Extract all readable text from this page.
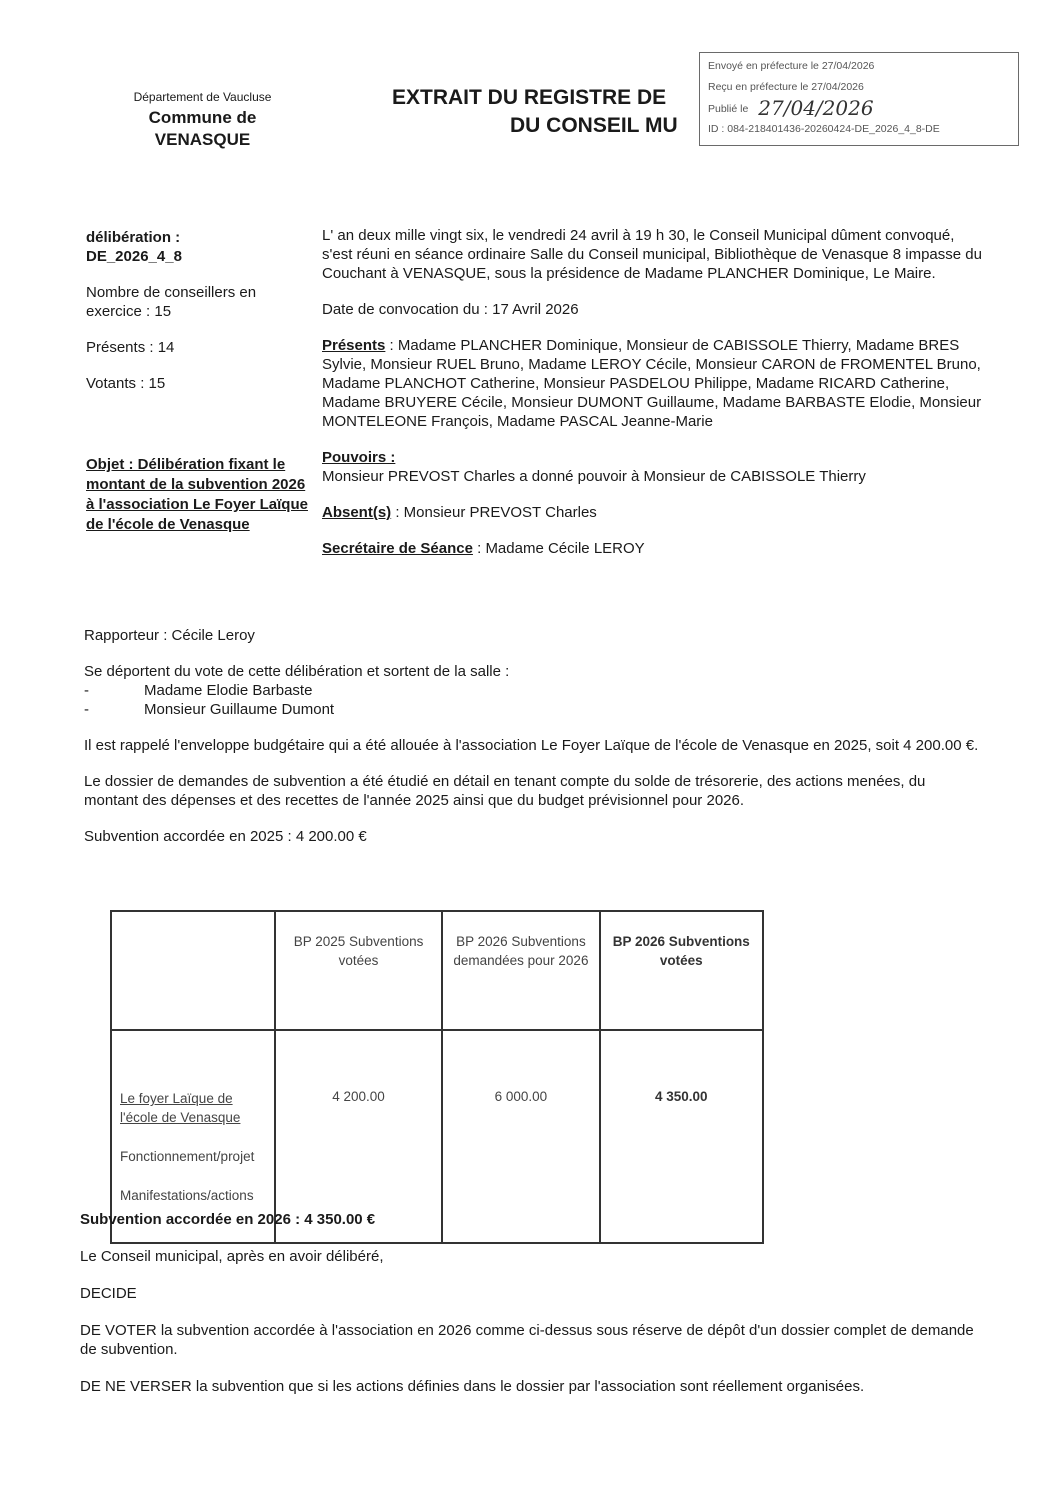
Département de Vaucluse
Commune de
VENASQUE
EXTRAIT DU REGISTRE DE
DU CONSEIL MU
Envoyé en préfecture le 27/04/2026
Reçu en préfecture le 27/04/2026
Publié le 27/04/2026
ID : 084-218401436-20260424-DE_2026_4_8-DE

délibération :
DE_2026_4_8

Nombre de conseillers en exercice : 15

Présents : 14

Votants : 15

Objet : Délibération fixant le montant de la subvention 2026 à l'association Le Foyer Laïque de l'école de Venasque

L' an deux mille vingt six, le vendredi 24 avril à 19 h 30, le Conseil Municipal dûment convoqué, s'est réuni en séance ordinaire Salle du Conseil municipal, Bibliothèque de Venasque 8 impasse du Couchant à VENASQUE, sous la présidence de Madame PLANCHER Dominique, Le Maire.

Date de convocation du : 17 Avril 2026

Présents : Madame PLANCHER Dominique, Monsieur de CABISSOLE Thierry, Madame BRES Sylvie, Monsieur RUEL Bruno, Madame LEROY Cécile, Monsieur CARON de FROMENTEL Bruno, Madame PLANCHOT Catherine, Monsieur PASDELOU Philippe, Madame RICARD Catherine, Madame BRUYERE Cécile, Monsieur DUMONT Guillaume, Madame BARBASTE Elodie, Monsieur MONTELEONE François, Madame PASCAL Jeanne-Marie

Pouvoirs :
Monsieur PREVOST Charles a donné pouvoir à Monsieur de CABISSOLE Thierry

Absent(s) : Monsieur PREVOST Charles

Secrétaire de Séance : Madame Cécile LEROY

Rapporteur : Cécile Leroy

Se déportent du vote de cette délibération et sortent de la salle :
-	Madame Elodie Barbaste
-	Monsieur Guillaume Dumont

Il est rappelé l'enveloppe budgétaire qui a été allouée à l'association Le Foyer Laïque de l'école de Venasque en 2025, soit 4 200.00 €.

Le dossier de demandes de subvention a été étudié en détail en tenant compte du solde de trésorerie, des actions menées, du montant des dépenses et des recettes de l'année 2025 ainsi que du budget prévisionnel pour 2026.

Subvention accordée en 2025 : 4 200.00 €

	BP 2025 Subventions votées	BP 2026 Subventions demandées pour 2026	BP 2026 Subventions votées

Le foyer Laïque de l'école de Venasque
Fonctionnement/projet
Manifestations/actions	4 200.00	6 000.00	4 350.00

Subvention accordée en 2026 : 4 350.00 €

Le Conseil municipal, après en avoir délibéré,

DECIDE

DE VOTER la subvention accordée à l'association en 2026 comme ci-dessus sous réserve de dépôt d'un dossier complet de demande de subvention.

DE NE VERSER la subvention que si les actions définies dans le dossier par l'association sont réellement organisées.
